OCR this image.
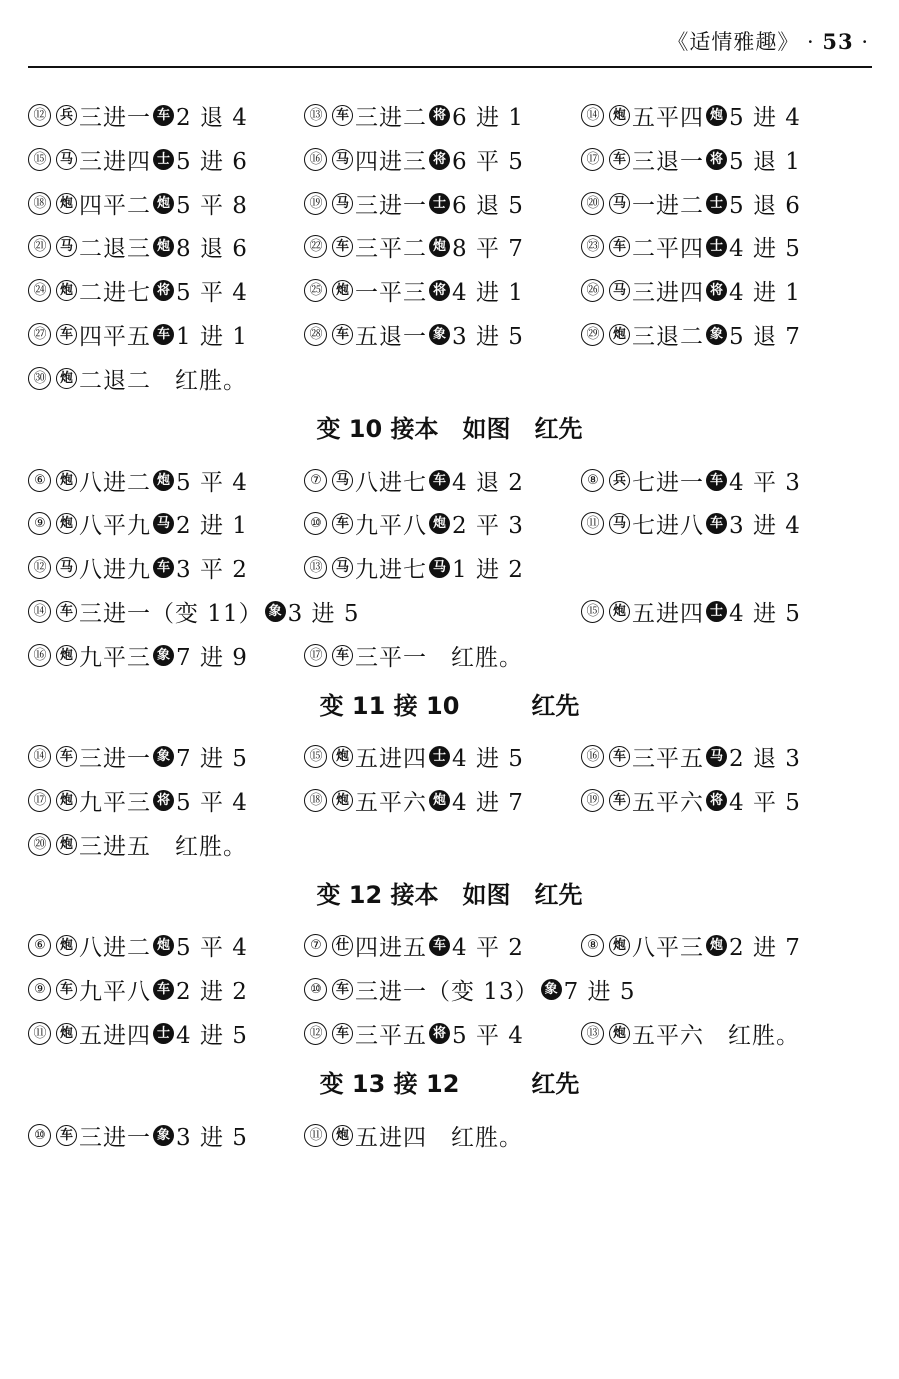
《适情雅趣》 · 53 ·
变 10 接本　如图　红先
变 11 接 10　　　红先
变 12 接本　如图　红先
变 13 接 12　　　红先
⑫	兵 三进一 车 2 退 4	⑬	车 三进二 将 6 进 1	⑭	炮 五平四 炮 5 进 4
⑮	马 三进四 士 5 进 6	⑯	马 四进三 将 6 平 5	⑰	车 三退一 将 5 退 1
⑱	炮 四平二 炮 5 平 8	⑲	马 三进一 士 6 退 5	⑳	马 一进二 士 5 退 6
㉑	马 二退三 炮 8 退 6	㉒	车 三平二 炮 8 平 7	㉓	车 二平四 士 4 进 5
㉔	炮 二进七 将 5 平 4	㉕	炮 一平三 将 4 进 1	㉖	马 三进四 将 4 进 1
㉗	车 四平五 车 1 进 1	㉘	车 五退一 象 3 进 5	㉙	炮 三退二 象 5 退 7
㉚	炮 二退二 　红胜。
⑥	炮 八进二 炮 5 平 4	⑦	马 八进七 车 4 退 2	⑧	兵 七进一 车 4 平 3
⑨	炮 八平九 马 2 进 1	⑩	车 九平八 炮 2 平 3	⑪	马 七进八 车 3 进 4
⑫	马 八进九 车 3 平 2	⑬	马 九进七 马 1 进 2
⑭	车 三进一（变 11） 象 3 进 5	⑮	炮 五进四 士 4 进 5
⑯	炮 九平三 象 7 进 9	⑰	车 三平一 　红胜。
⑭	车 三进一 象 7 进 5	⑮	炮 五进四 士 4 进 5	⑯	车 三平五 马 2 退 3
⑰	炮 九平三 将 5 平 4	⑱	炮 五平六 炮 4 进 7	⑲	车 五平六 将 4 平 5
⑳	炮 三进五 　红胜。
⑥	炮 八进二 炮 5 平 4	⑦	仕 四进五 车 4 平 2	⑧	炮 八平三 炮 2 进 7
⑨	车 九平八 车 2 进 2	⑩	车 三进一（变 13） 象 7 进 5
⑪	炮 五进四 士 4 进 5	⑫	车 三平五 将 5 平 4	⑬	炮 五平六 　红胜。
⑩	车 三进一 象 3 进 5	⑪	炮 五进四 　红胜。
